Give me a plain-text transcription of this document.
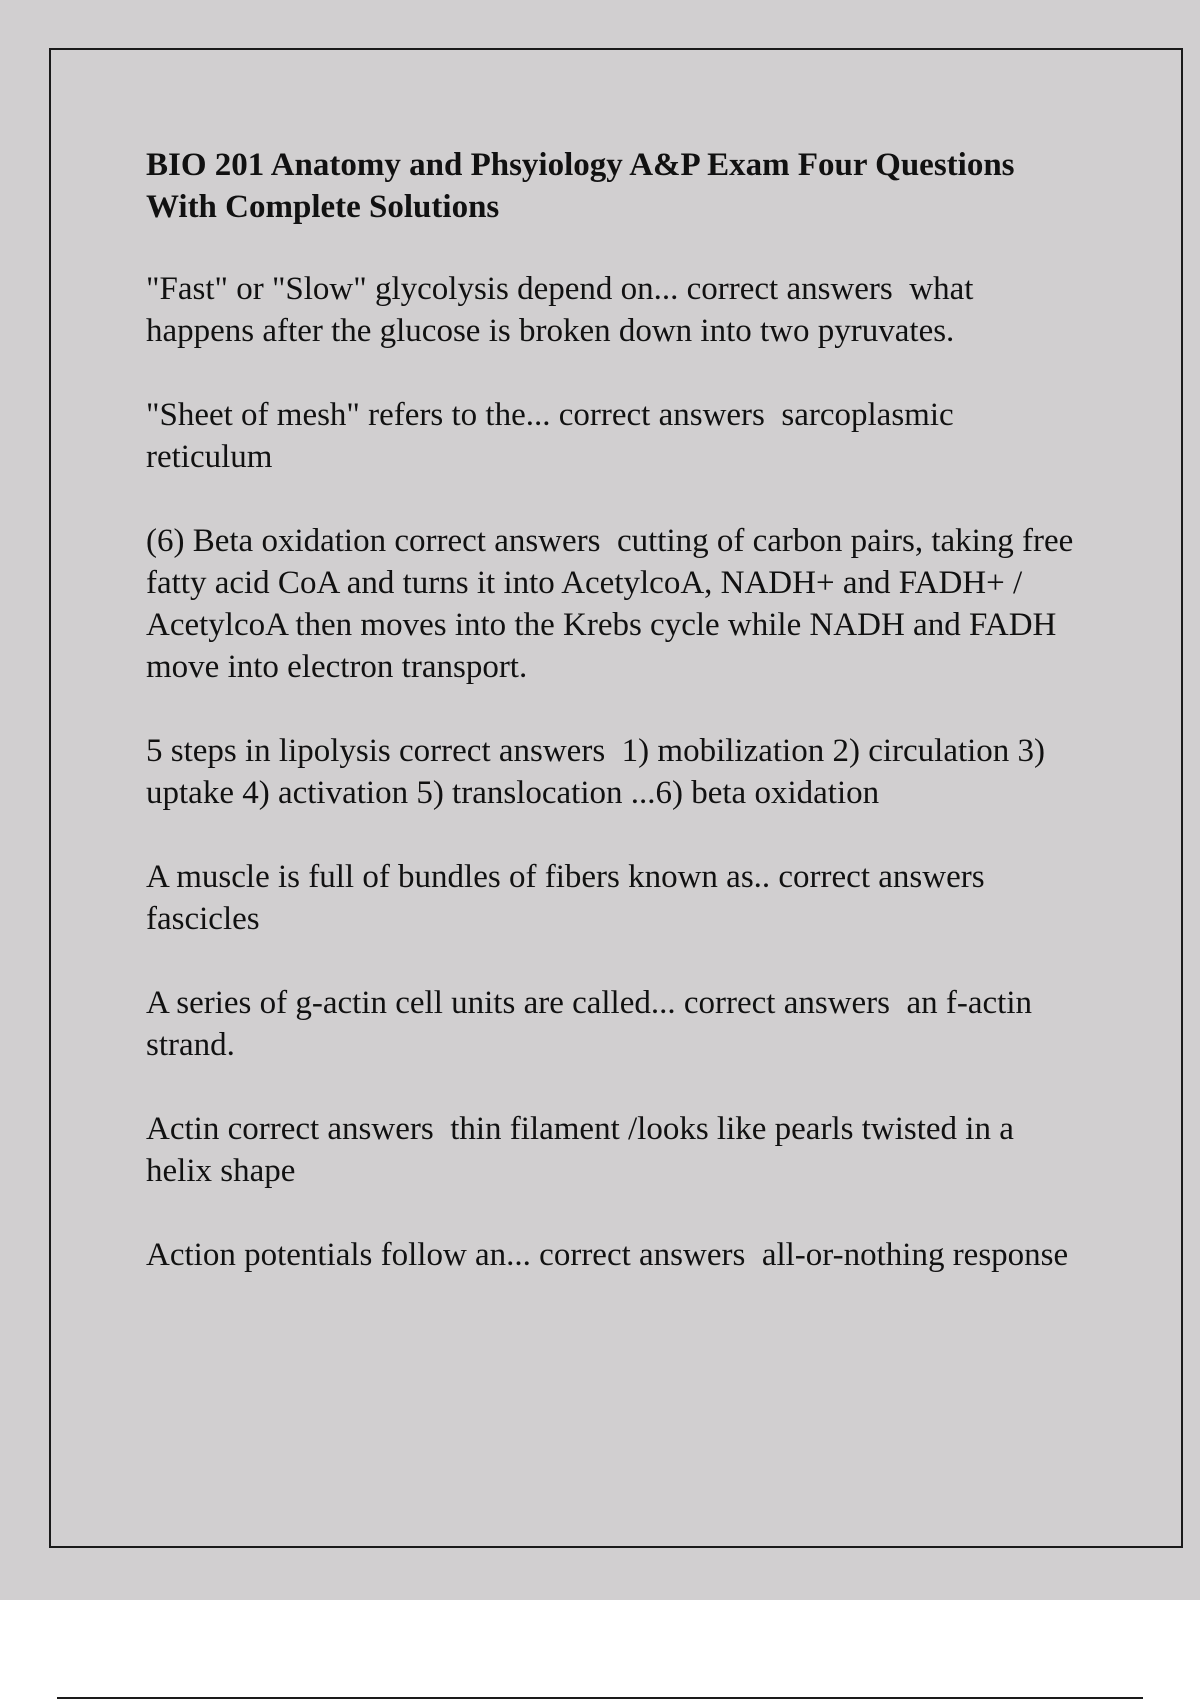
BIO 201 Anatomy and Phsyiology A&P Exam Four Questions With Complete Solutions
"Fast" or "Slow" glycolysis depend on... correct answers  what happens after the glucose is broken down into two pyruvates.
"Sheet of mesh" refers to the... correct answers  sarcoplasmic reticulum
(6) Beta oxidation correct answers  cutting of carbon pairs, taking free fatty acid CoA and turns it into AcetylcoA, NADH+ and FADH+ / AcetylcoA then moves into the Krebs cycle while NADH and FADH move into electron transport.
5 steps in lipolysis correct answers  1) mobilization 2) circulation 3) uptake 4) activation 5) translocation ...6) beta oxidation
A muscle is full of bundles of fibers known as.. correct answers  fascicles
A series of g-actin cell units are called... correct answers  an f-actin strand.
Actin correct answers  thin filament /looks like pearls twisted in a helix shape
Action potentials follow an... correct answers  all-or-nothing response
